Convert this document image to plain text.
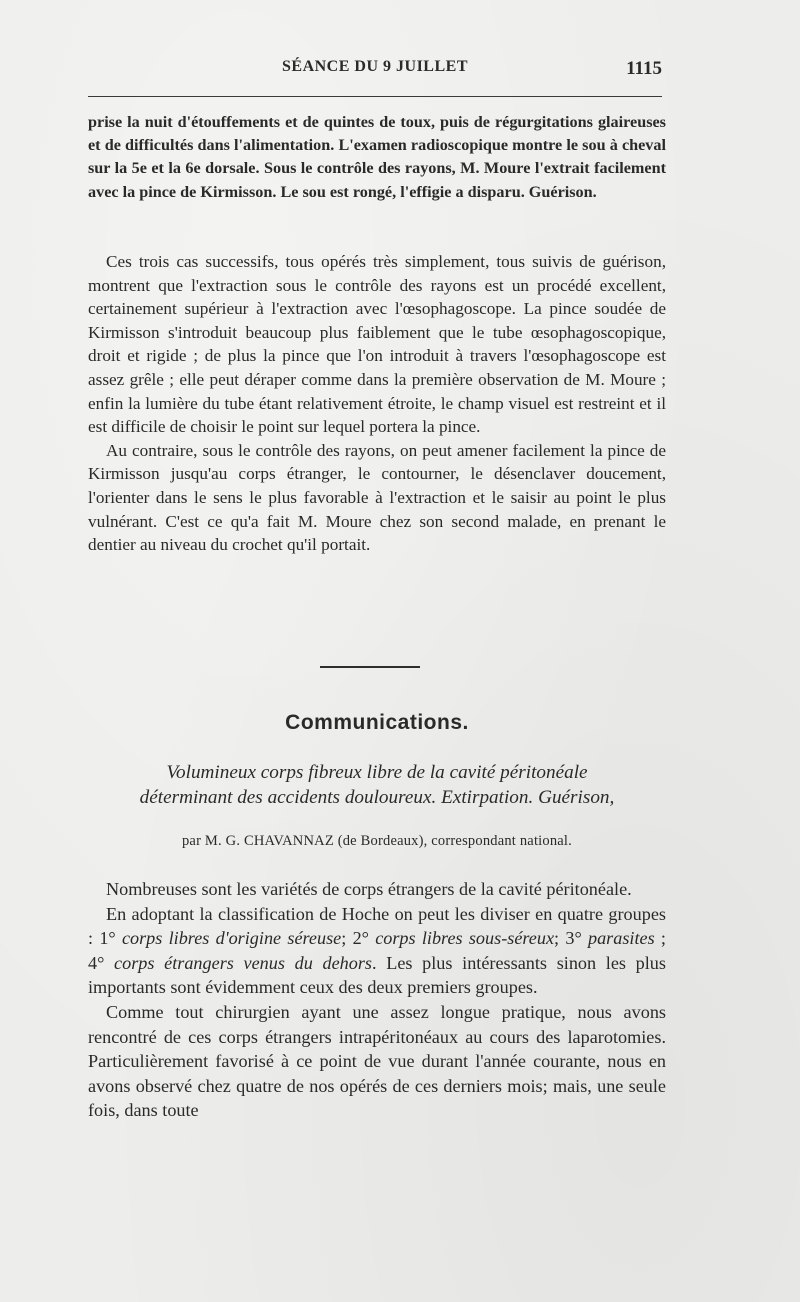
SÉANCE DU 9 JUILLET	1115

prise la nuit d'étouffements et de quintes de toux, puis de régurgitations glaireuses et de difficultés dans l'alimentation. L'examen radioscopique montre le sou à cheval sur la 5e et la 6e dorsale. Sous le contrôle des rayons, M. Moure l'extrait facilement avec la pince de Kirmisson. Le sou est rongé, l'effigie a disparu. Guérison.

Ces trois cas successifs, tous opérés très simplement, tous suivis de guérison, montrent que l'extraction sous le contrôle des rayons est un procédé excellent, certainement supérieur à l'extraction avec l'œsophagoscope. La pince soudée de Kirmisson s'introduit beaucoup plus faiblement que le tube œsophagoscopique, droit et rigide ; de plus la pince que l'on introduit à travers l'œsophagoscope est assez grêle ; elle peut déraper comme dans la première observation de M. Moure ; enfin la lumière du tube étant relativement étroite, le champ visuel est restreint et il est difficile de choisir le point sur lequel portera la pince.

Au contraire, sous le contrôle des rayons, on peut amener facilement la pince de Kirmisson jusqu'au corps étranger, le contourner, le désenclaver doucement, l'orienter dans le sens le plus favorable à l'extraction et le saisir au point le plus vulnérant. C'est ce qu'a fait M. Moure chez son second malade, en prenant le dentier au niveau du crochet qu'il portait.

Communications.
Volumineux corps fibreux libre de la cavité péritonéale
déterminant des accidents douloureux. Extirpation. Guérison,
par M. G. CHAVANNAZ (de Bordeaux), correspondant national.

Nombreuses sont les variétés de corps étrangers de la cavité péritonéale.

En adoptant la classification de Hoche on peut les diviser en quatre groupes : 1° corps libres d'origine séreuse; 2° corps libres sous-séreux; 3° parasites ; 4° corps étrangers venus du dehors. Les plus intéressants sinon les plus importants sont évidemment ceux des deux premiers groupes.

Comme tout chirurgien ayant une assez longue pratique, nous avons rencontré de ces corps étrangers intrapéritonéaux au cours des laparotomies. Particulièrement favorisé à ce point de vue durant l'année courante, nous en avons observé chez quatre de nos opérés de ces derniers mois; mais, une seule fois, dans toute
